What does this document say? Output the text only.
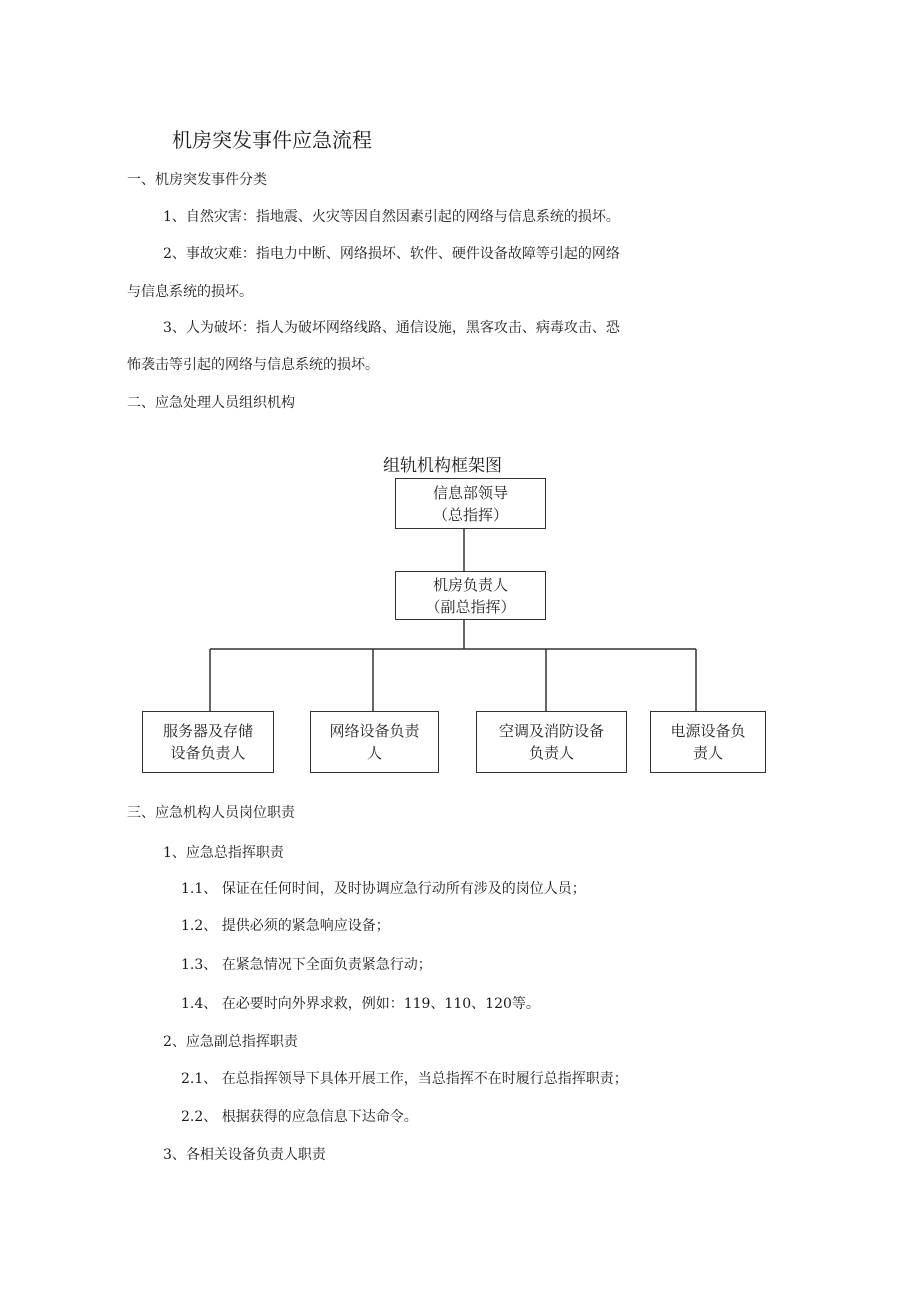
机房突发事件应急流程
一、机房突发事件分类
1、自然灾害：指地震、火灾等因自然因素引起的网络与信息系统的损坏。
2、事故灾难：指电力中断、网络损坏、软件、硬件设备故障等引起的网络
与信息系统的损坏。
3、人为破坏：指人为破坏网络线路、通信设施，黑客攻击、病毒攻击、恐
怖袭击等引起的网络与信息系统的损坏。
二、应急处理人员组织机构
组轨机构框架图
信息部领导
（总指挥）
机房负责人
（副总指挥）
服务器及存储
设备负责人
网络设备负责
人
空调及消防设备
负责人
电源设备负
责人
三、应急机构人员岗位职责
1、应急总指挥职责
1.1、 保证在任何时间，及时协调应急行动所有涉及的岗位人员；
1.2、 提供必须的紧急响应设备；
1.3、 在紧急情况下全面负责紧急行动；
1.4、 在必要时向外界求救，例如：119、110、120等。
2、应急副总指挥职责
2.1、 在总指挥领导下具体开展工作，当总指挥不在时履行总指挥职责；
2.2、 根据获得的应急信息下达命令。
3、各相关设备负责人职责
